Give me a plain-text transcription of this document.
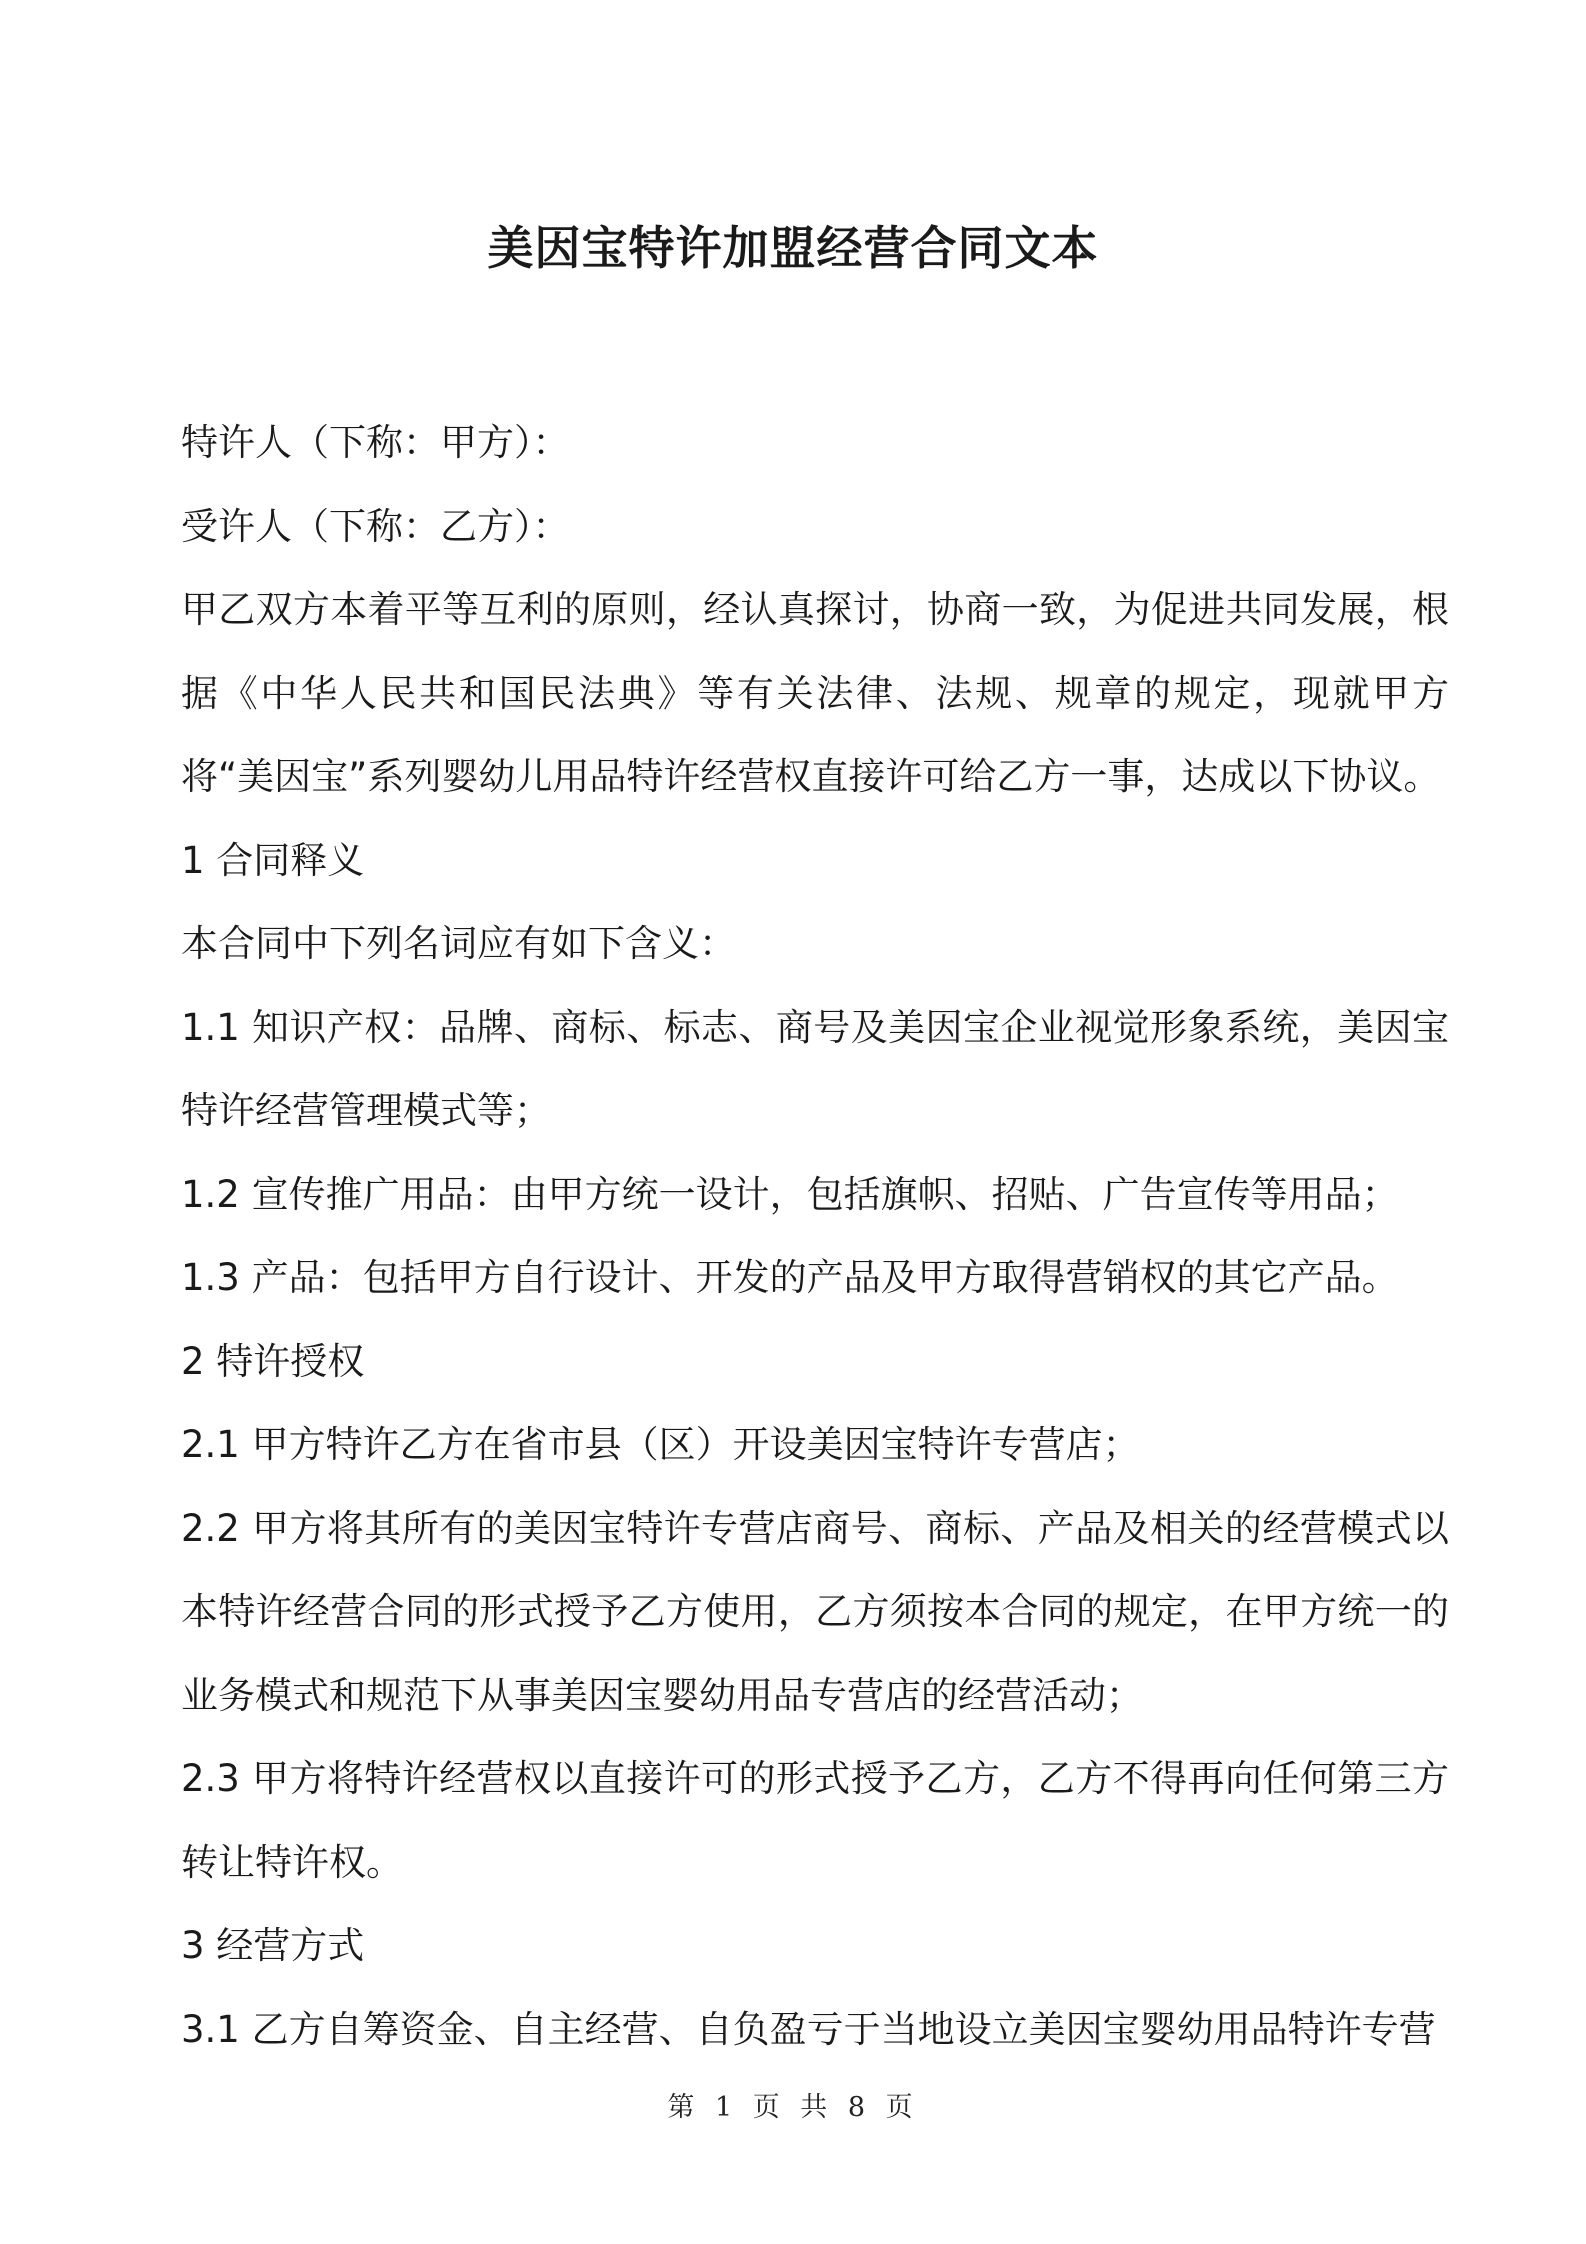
美因宝特许加盟经营合同文本

特许人（下称：甲方）：

受许人（下称：乙方）：

甲乙双方本着平等互利的原则，经认真探讨，协商一致，为促进共同发展，根据《中华人民共和国民法典》等有关法律、法规、规章的规定，现就甲方将“美因宝”系列婴幼儿用品特许经营权直接许可给乙方一事，达成以下协议。

1 合同释义

本合同中下列名词应有如下含义：

1.1 知识产权：品牌、商标、标志、商号及美因宝企业视觉形象系统，美因宝特许经营管理模式等；

1.2 宣传推广用品：由甲方统一设计，包括旗帜、招贴、广告宣传等用品；

1.3 产品：包括甲方自行设计、开发的产品及甲方取得营销权的其它产品。

2 特许授权

2.1 甲方特许乙方在省市县（区）开设美因宝特许专营店；

2.2 甲方将其所有的美因宝特许专营店商号、商标、产品及相关的经营模式以本特许经营合同的形式授予乙方使用，乙方须按本合同的规定，在甲方统一的业务模式和规范下从事美因宝婴幼用品专营店的经营活动；

2.3 甲方将特许经营权以直接许可的形式授予乙方，乙方不得再向任何第三方转让特许权。

3 经营方式

3.1 乙方自筹资金、自主经营、自负盈亏于当地设立美因宝婴幼用品特许专营

第 1 页 共 8 页
